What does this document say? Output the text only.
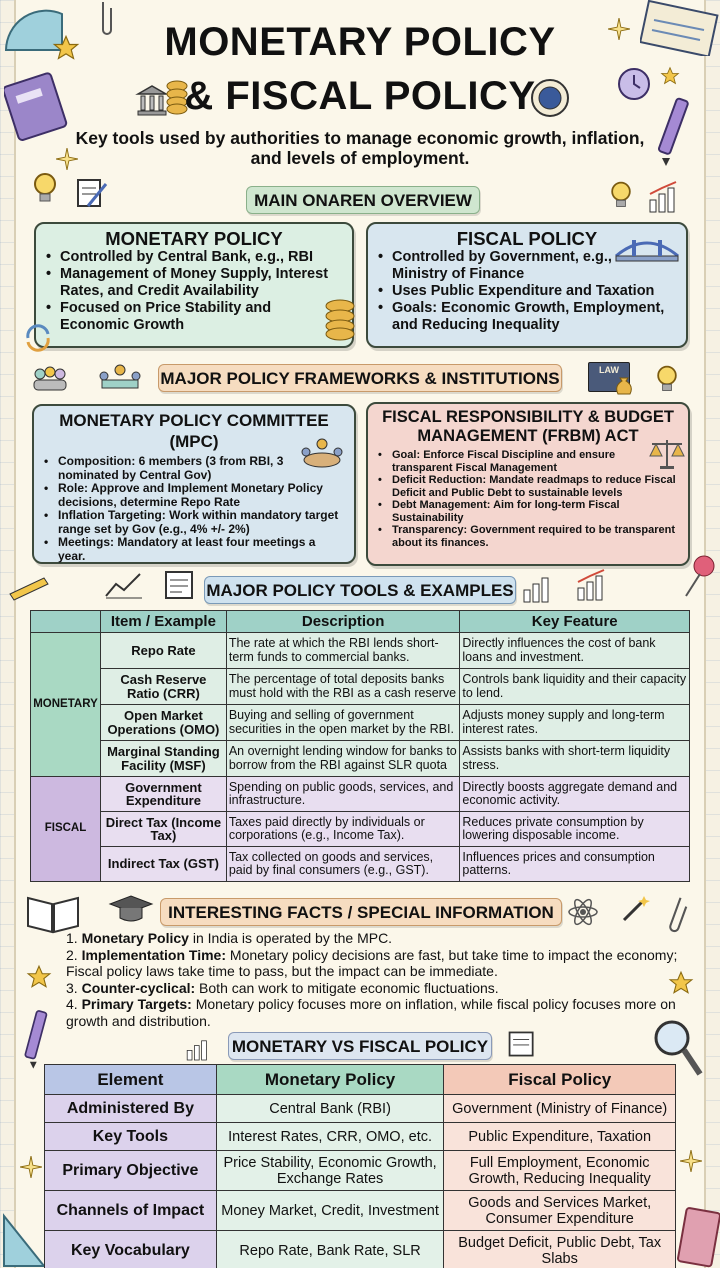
MONETARY POLICY
& FISCAL POLICY
Key tools used by authorities to manage economic growth, inflation, and levels of employment.
MAIN ONAREN OVERVIEW
MONETARY POLICY
• Controlled by Central Bank, e.g., RBI
• Management of Money Supply, Interest Rates, and Credit Availability
• Focused on Price Stability and Economic Growth
FISCAL POLICY
• Controlled by Government, e.g., Ministry of Finance
• Uses Public Expenditure and Taxation
• Goals: Economic Growth, Employment, and Reducing Inequality
MAJOR POLICY FRAMEWORKS & INSTITUTIONS	LAW
MONETARY POLICY COMMITTEE (MPC)
• Composition: 6 members (3 from RBI, 3 nominated by Central Gov)
• Role: Approve and Implement Monetary Policy decisions, determine Repo Rate
• Inflation Targeting: Work within mandatory target range set by Gov (e.g., 4% +/- 2%)
• Meetings: Mandatory at least four meetings a year.
FISCAL RESPONSIBILITY & BUDGET
MANAGEMENT (FRBM) ACT
• Goal: Enforce Fiscal Discipline and ensure transparent Fiscal Management
• Deficit Reduction: Mandate readmaps to reduce Fiscal Deficit and Public Debt to sustainable levels
• Debt Management: Aim for long-term Fiscal Sustainability
• Transparency: Government required to be transparent about its finances.
MAJOR POLICY TOOLS & EXAMPLES
	Item / Example	Description	Key Feature
MONETARY	Repo Rate	The rate at which the RBI lends short-term funds to commercial banks.	Directly influences the cost of bank loans and investment.
	Cash Reserve Ratio (CRR)	The percentage of total deposits banks must hold with the RBI as a cash reserve	Controls bank liquidity and their capacity to lend.
	Open Market Operations (OMO)	Buying and selling of government securities in the open market by the RBI.	Adjusts money supply and long-term interest rates.
	Marginal Standing Facility (MSF)	An overnight lending window for banks to borrow from the RBI against SLR quota	Assists banks with short-term liquidity stress.
FISCAL	Government Expenditure	Spending on public goods, services, and infrastructure.	Directly boosts aggregate demand and economic activity.
	Direct Tax (Income Tax)	Taxes paid directly by individuals or corporations (e.g., Income Tax).	Reduces private consumption by lowering disposable income.
	Indirect Tax (GST)	Tax collected on goods and services, paid by final consumers (e.g., GST).	Influences prices and consumption patterns.
INTERESTING FACTS / SPECIAL INFORMATION
1. Monetary Policy in India is operated by the MPC.
2. Implementation Time: Monetary policy decisions are fast, but take time to impact the economy; Fiscal policy laws take time to pass, but the impact can be immediate.
3. Counter-cyclical: Both can work to mitigate economic fluctuations.
4. Primary Targets: Monetary policy focuses more on inflation, while fiscal policy focuses more on growth and distribution.
MONETARY VS FISCAL POLICY
Element	Monetary Policy	Fiscal Policy
Administered By	Central Bank (RBI)	Government (Ministry of Finance)
Key Tools	Interest Rates, CRR, OMO, etc.	Public Expenditure, Taxation
Primary Objective	Price Stability, Economic Growth, Exchange Rates	Full Employment, Economic Growth, Reducing Inequality
Channels of Impact	Money Market, Credit, Investment	Goods and Services Market, Consumer Expenditure
Key Vocabulary	Repo Rate, Bank Rate, SLR	Budget Deficit, Public Debt, Tax Slabs
